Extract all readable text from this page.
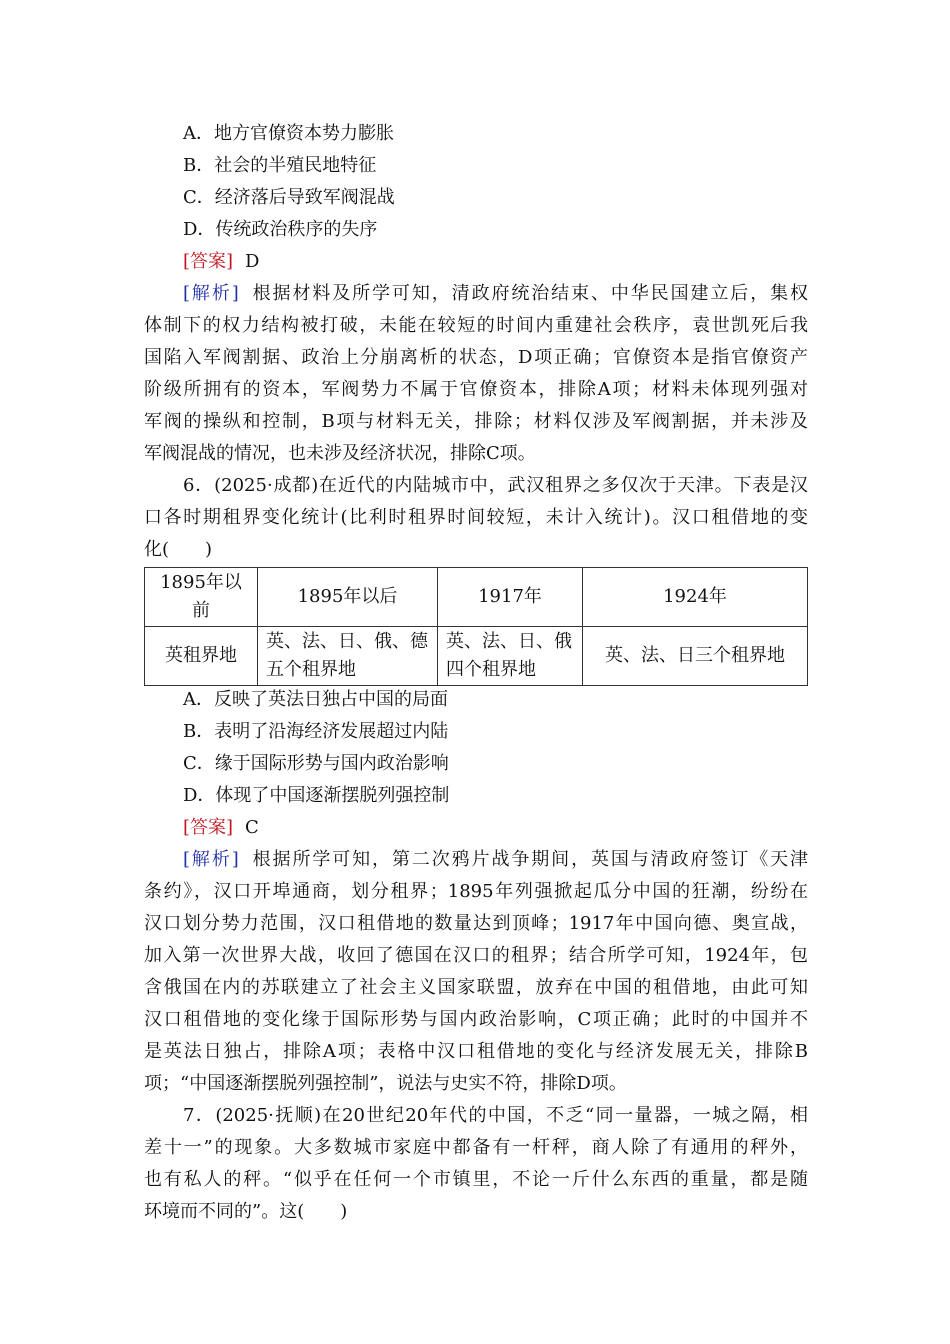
A．地方官僚资本势力膨胀
B．社会的半殖民地特征
C．经济落后导致军阀混战
D．传统政治秩序的失序
[答案] D
[解析] 根据材料及所学可知，清政府统治结束、中华民国建立后，集权
体制下的权力结构被打破，未能在较短的时间内重建社会秩序，袁世凯死后我
国陷入军阀割据、政治上分崩离析的状态，D项正确；官僚资本是指官僚资产
阶级所拥有的资本，军阀势力不属于官僚资本，排除A项；材料未体现列强对
军阀的操纵和控制，B项与材料无关，排除；材料仅涉及军阀割据，并未涉及
军阀混战的情况，也未涉及经济状况，排除C项。
6．(2025·成都)在近代的内陆城市中，武汉租界之多仅次于天津。下表是汉
口各时期租界变化统计(比利时租界时间较短，未计入统计)。汉口租借地的变
化(　　)
1895年以前	1895年以后	1917年	1924年
英租界地	英、法、日、俄、德五个租界地	英、法、日、俄四个租界地	英、法、日三个租界地
A．反映了英法日独占中国的局面
B．表明了沿海经济发展超过内陆
C．缘于国际形势与国内政治影响
D．体现了中国逐渐摆脱列强控制
[答案] C
[解析] 根据所学可知，第二次鸦片战争期间，英国与清政府签订《天津
条约》，汉口开埠通商，划分租界；1895年列强掀起瓜分中国的狂潮，纷纷在
汉口划分势力范围，汉口租借地的数量达到顶峰；1917年中国向德、奥宣战，
加入第一次世界大战，收回了德国在汉口的租界；结合所学可知，1924年，包
含俄国在内的苏联建立了社会主义国家联盟，放弃在中国的租借地，由此可知
汉口租借地的变化缘于国际形势与国内政治影响，C项正确；此时的中国并不
是英法日独占，排除A项；表格中汉口租借地的变化与经济发展无关，排除B
项；“中国逐渐摆脱列强控制”，说法与史实不符，排除D项。
7．(2025·抚顺)在20世纪20年代的中国，不乏“同一量器，一城之隔，相
差十一”的现象。大多数城市家庭中都备有一杆秤，商人除了有通用的秤外，
也有私人的秤。“似乎在任何一个市镇里，不论一斤什么东西的重量，都是随
环境而不同的”。这(　　)
